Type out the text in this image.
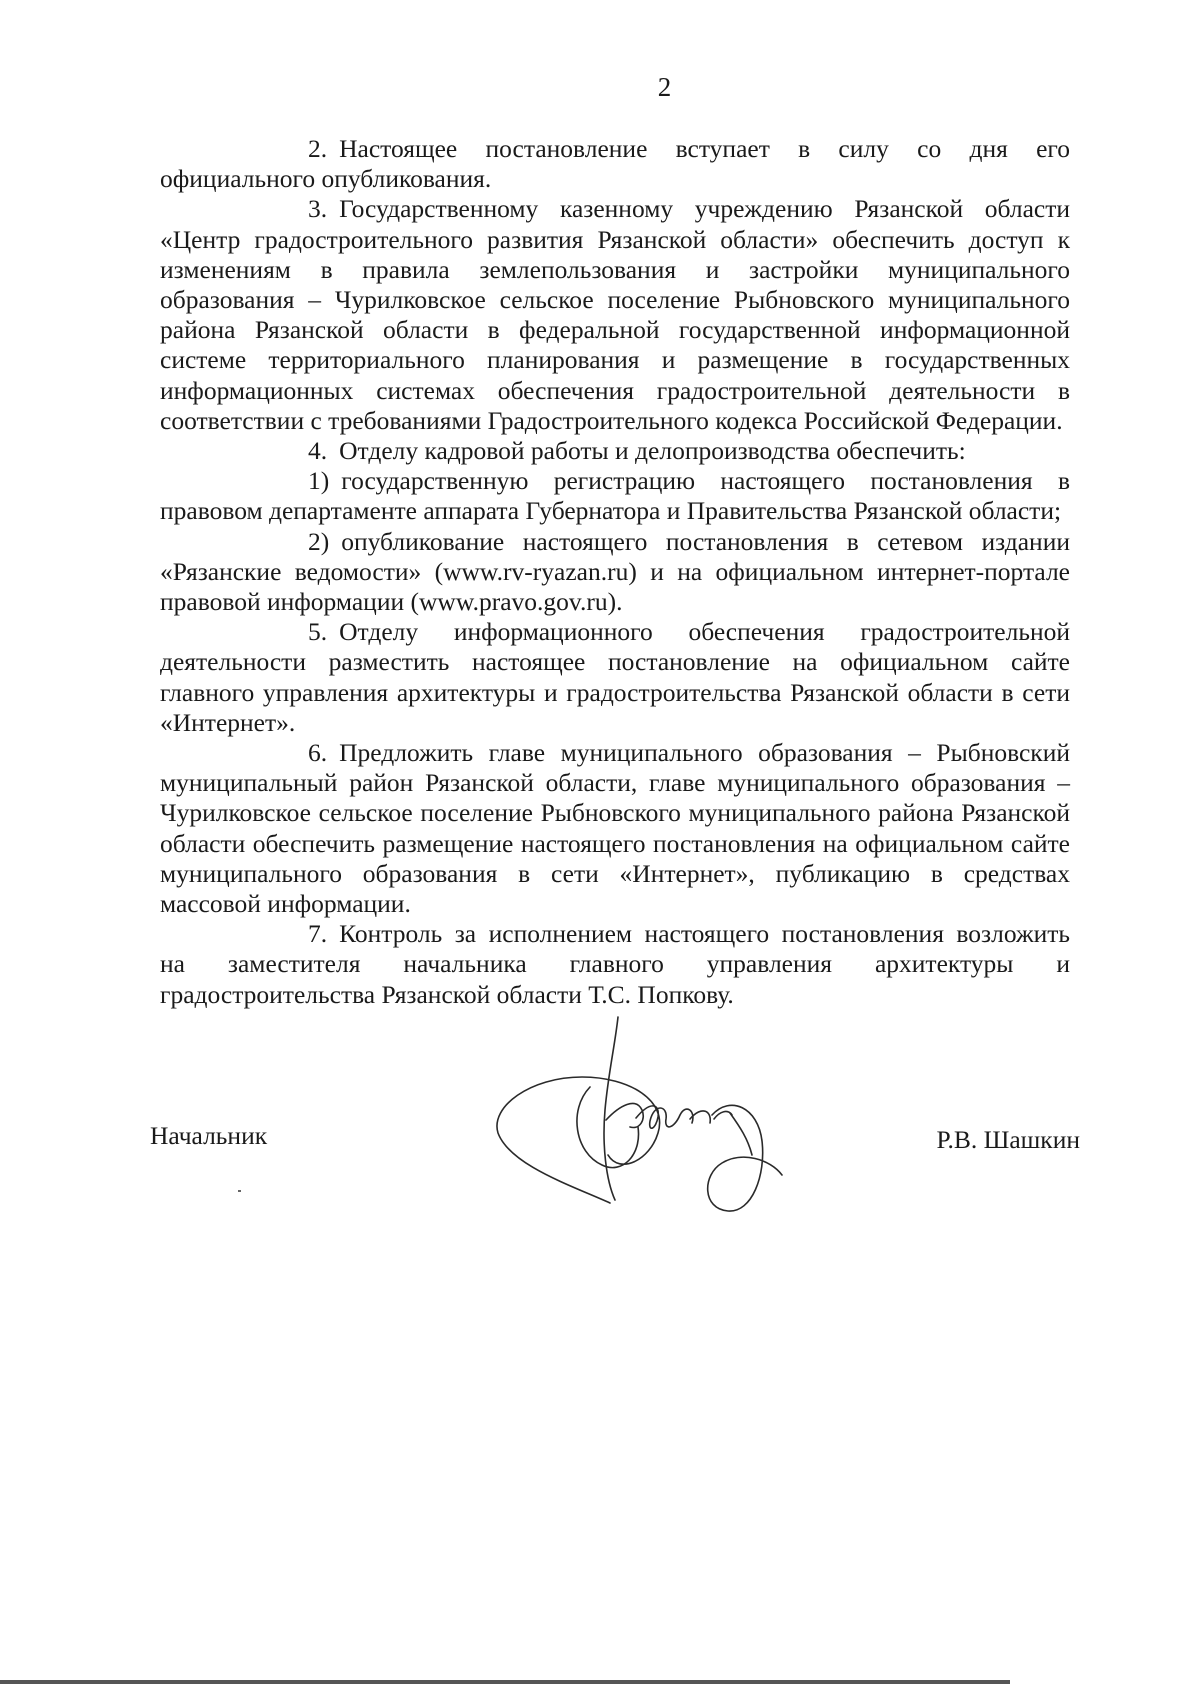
2

2. Настоящее постановление вступает в силу со дня его официального опубликования.

3. Государственному казенному учреждению Рязанской области «Центр градостроительного развития Рязанской области» обеспечить доступ к изменениям в правила землепользования и застройки муниципального образования – Чурилковское сельское поселение Рыбновского муниципального района Рязанской области в федеральной государственной информационной системе территориального планирования и размещение в государственных информационных системах обеспечения градостроительной деятельности в соответствии с требованиями Градостроительного кодекса Российской Федерации.

4. Отделу кадровой работы и делопроизводства обеспечить:

1) государственную регистрацию настоящего постановления в правовом департаменте аппарата Губернатора и Правительства Рязанской области;

2) опубликование настоящего постановления в сетевом издании «Рязанские ведомости» (www.rv-ryazan.ru) и на официальном интернет-портале правовой информации (www.pravo.gov.ru).

5. Отделу информационного обеспечения градостроительной деятельности разместить настоящее постановление на официальном сайте главного управления архитектуры и градостроительства Рязанской области в сети «Интернет».

6. Предложить главе муниципального образования – Рыбновский муниципальный район Рязанской области, главе муниципального образования – Чурилковское сельское поселение Рыбновского муниципального района Рязанской области обеспечить размещение настоящего постановления на официальном сайте муниципального образования в сети «Интернет», публикацию в средствах массовой информации.

7. Контроль за исполнением настоящего постановления возложить на заместителя начальника главного управления архитектуры и градостроительства Рязанской области Т.С. Попкову.

Начальник	Р.В. Шашкин
